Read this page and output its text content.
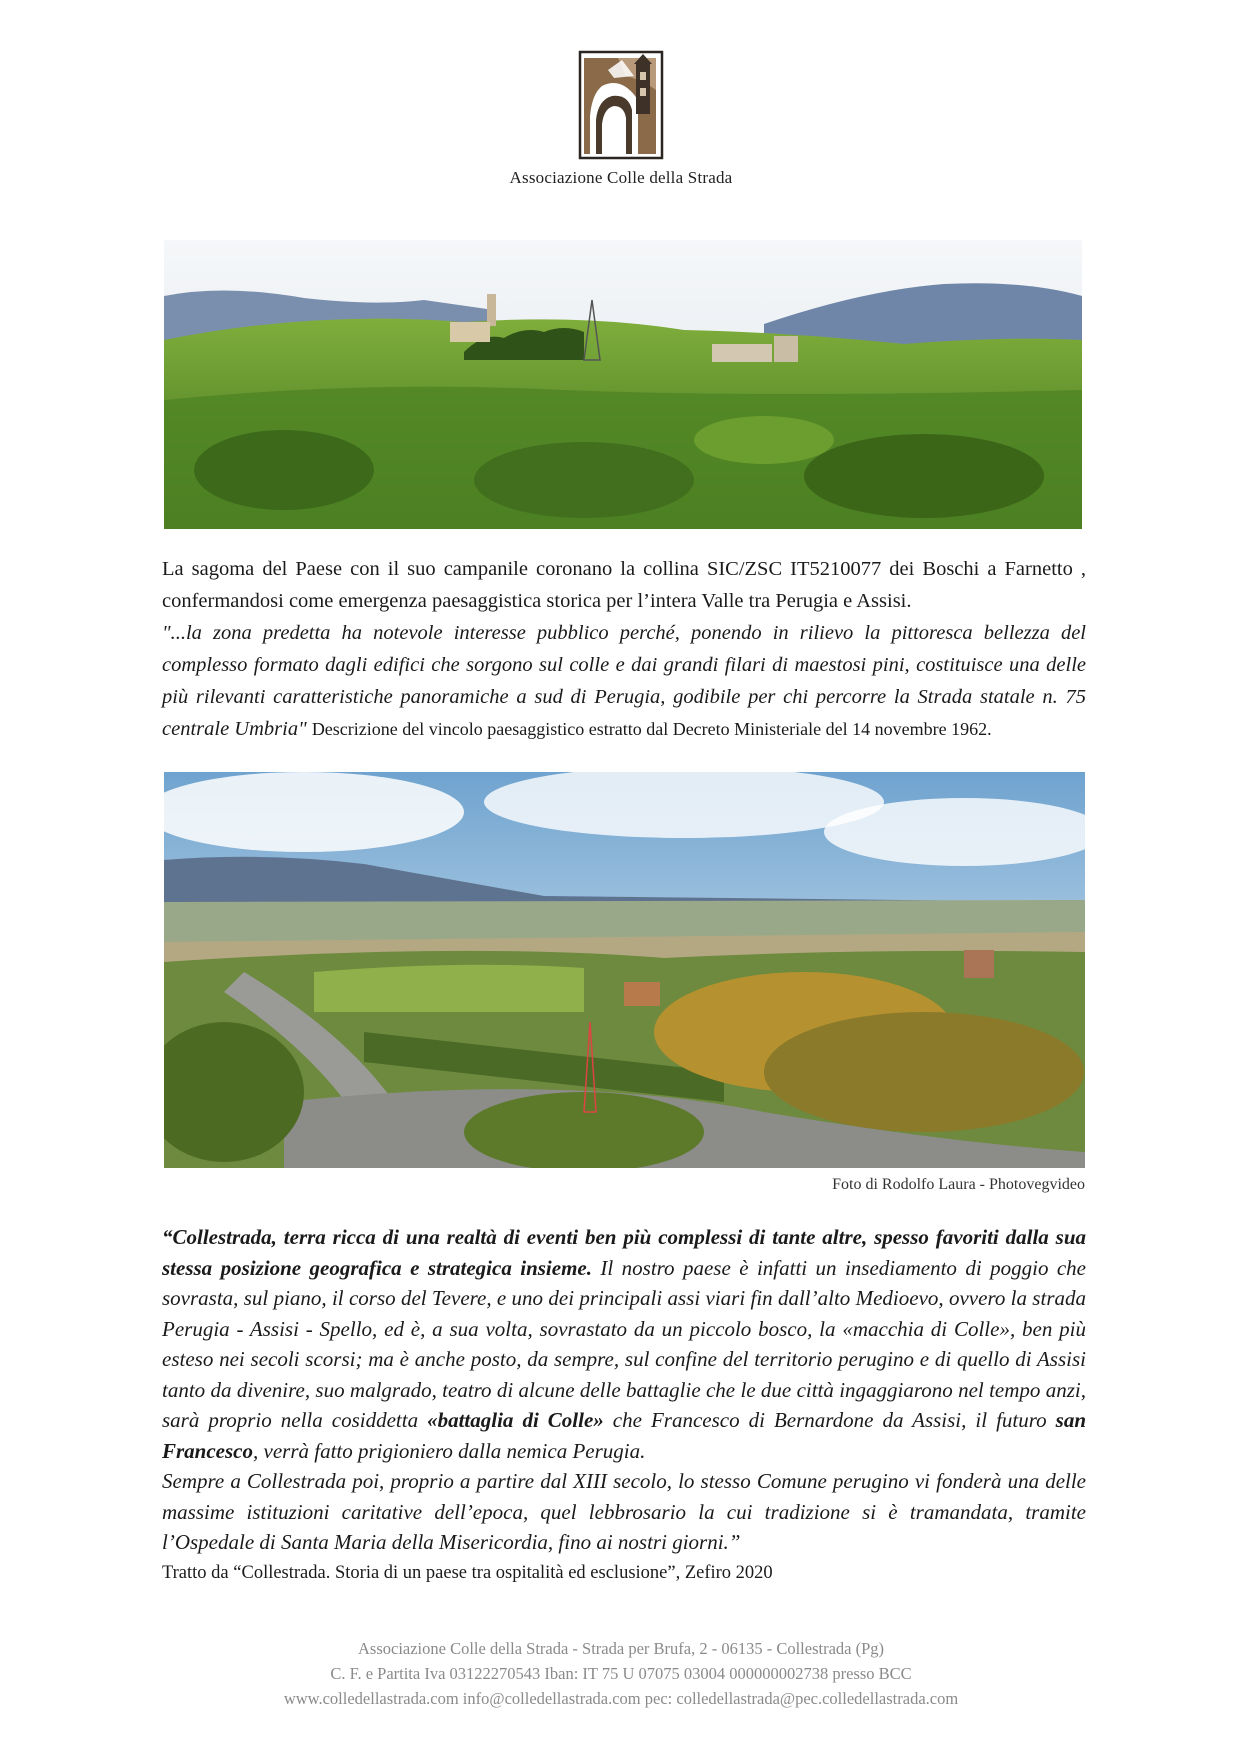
Associazione Colle della Strada

La sagoma del Paese con il suo campanile coronano la collina SIC/ZSC IT5210077 dei Boschi a Farnetto , confermandosi come emergenza paesaggistica storica per l’intera Valle tra Perugia e Assisi.

"...la zona predetta ha notevole interesse pubblico perché, ponendo in rilievo la pittoresca bellezza del complesso formato dagli edifici che sorgono sul colle e dai grandi filari di maestosi pini, costituisce una delle più rilevanti caratteristiche panoramiche a sud di Perugia, godibile per chi percorre la Strada statale n. 75 centrale Umbria" Descrizione del vincolo paesaggistico estratto dal Decreto Ministeriale del 14 novembre 1962.

Foto di Rodolfo Laura - Photovegvideo

“Collestrada, terra ricca di una realtà di eventi ben più complessi di tante altre, spesso favoriti dalla sua stessa posizione geografica e strategica insieme. Il nostro paese è infatti un insediamento di poggio che sovrasta, sul piano, il corso del Tevere, e uno dei principali assi viari fin dall’alto Medioevo, ovvero la strada Perugia - Assisi - Spello, ed è, a sua volta, sovrastato da un piccolo bosco, la «macchia di Colle», ben più esteso nei secoli scorsi; ma è anche posto, da sempre, sul confine del territorio perugino e di quello di Assisi tanto da divenire, suo malgrado, teatro di alcune delle battaglie che le due città ingaggiarono nel tempo anzi, sarà proprio nella cosiddetta «battaglia di Colle» che Francesco di Bernardone da Assisi, il futuro san Francesco, verrà fatto prigioniero dalla nemica Perugia.

Sempre a Collestrada poi, proprio a partire dal XIII secolo, lo stesso Comune perugino vi fonderà una delle massime istituzioni caritative dell’epoca, quel lebbrosario la cui tradizione si è tramandata, tramite l’Ospedale di Santa Maria della Misericordia, fino ai nostri giorni.”

Tratto da “Collestrada. Storia di un paese tra ospitalità ed esclusione”, Zefiro 2020

Associazione Colle della Strada - Strada per Brufa, 2 - 06135 - Collestrada (Pg)
C. F. e Partita Iva 03122270543 Iban: IT 75 U 07075 03004 000000002738 presso BCC
www.colledellastrada.com info@colledellastrada.com pec: colledellastrada@pec.colledellastrada.com
